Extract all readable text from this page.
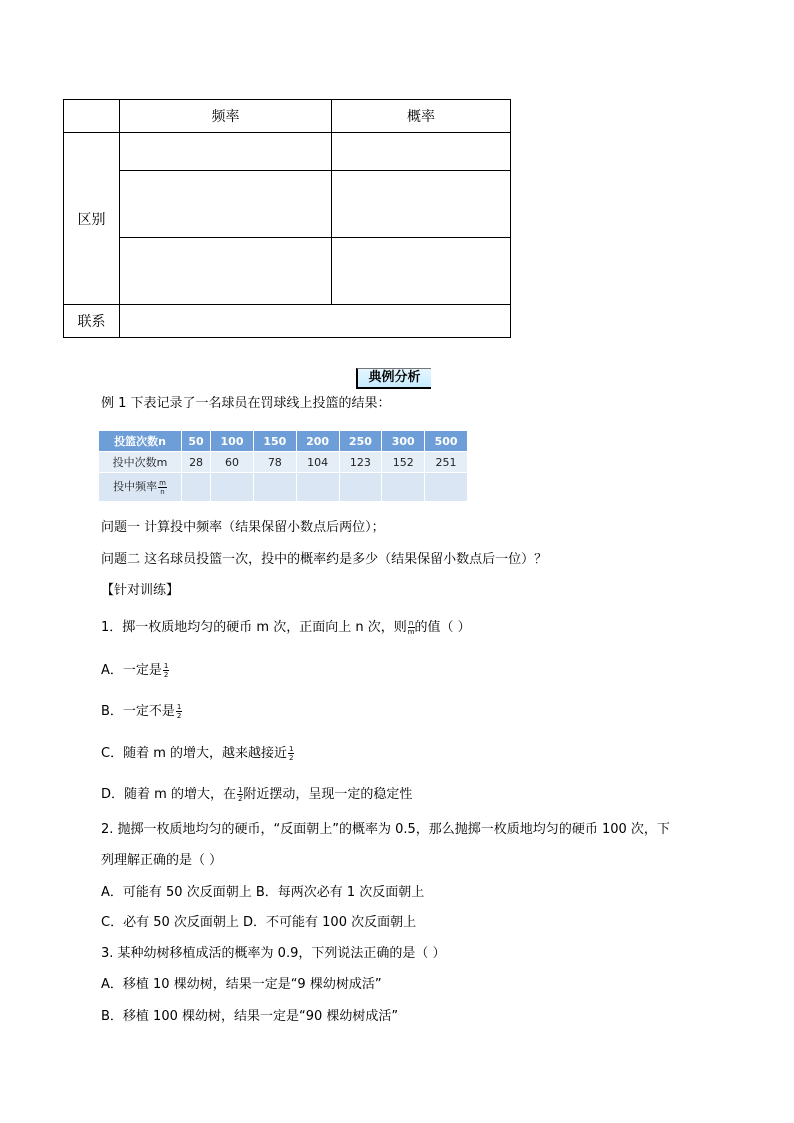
	频率	概率
区别		

联系		
典例分析
例 1 下表记录了一名球员在罚球线上投篮的结果：
投篮次数n	50	100	150	200	250	300	500
投中次数m	28	60	78	104	123	152	251
投中频率 $\frac{m}{n}$

问题一 计算投中频率（结果保留小数点后两位）；
问题二 这名球员投篮一次，投中的概率约是多少（结果保留小数点后一位）？
【针对训练】
1．掷一枚质地均匀的硬币 m 次，正面向上 n 次，则 $\frac{n}{m}$ 的值（ ）
A．一定是 $\frac{1}{2}$
B．一定不是 $\frac{1}{2}$
C．随着 m 的增大，越来越接近 $\frac{1}{2}$
D．随着 m 的增大，在 $\frac{1}{2}$ 附近摆动，呈现一定的稳定性
2. 抛掷一枚质地均匀的硬币，“反面朝上”的概率为 0.5，那么抛掷一枚质地均匀的硬币 100 次，下
列理解正确的是（ ）
A．可能有 50 次反面朝上 B．每两次必有 1 次反面朝上
C．必有 50 次反面朝上 D．不可能有 100 次反面朝上
3. 某种幼树移植成活的概率为 0.9，下列说法正确的是（ ）
A．移植 10 棵幼树，结果一定是“9 棵幼树成活”
B．移植 100 棵幼树，结果一定是“90 棵幼树成活”
